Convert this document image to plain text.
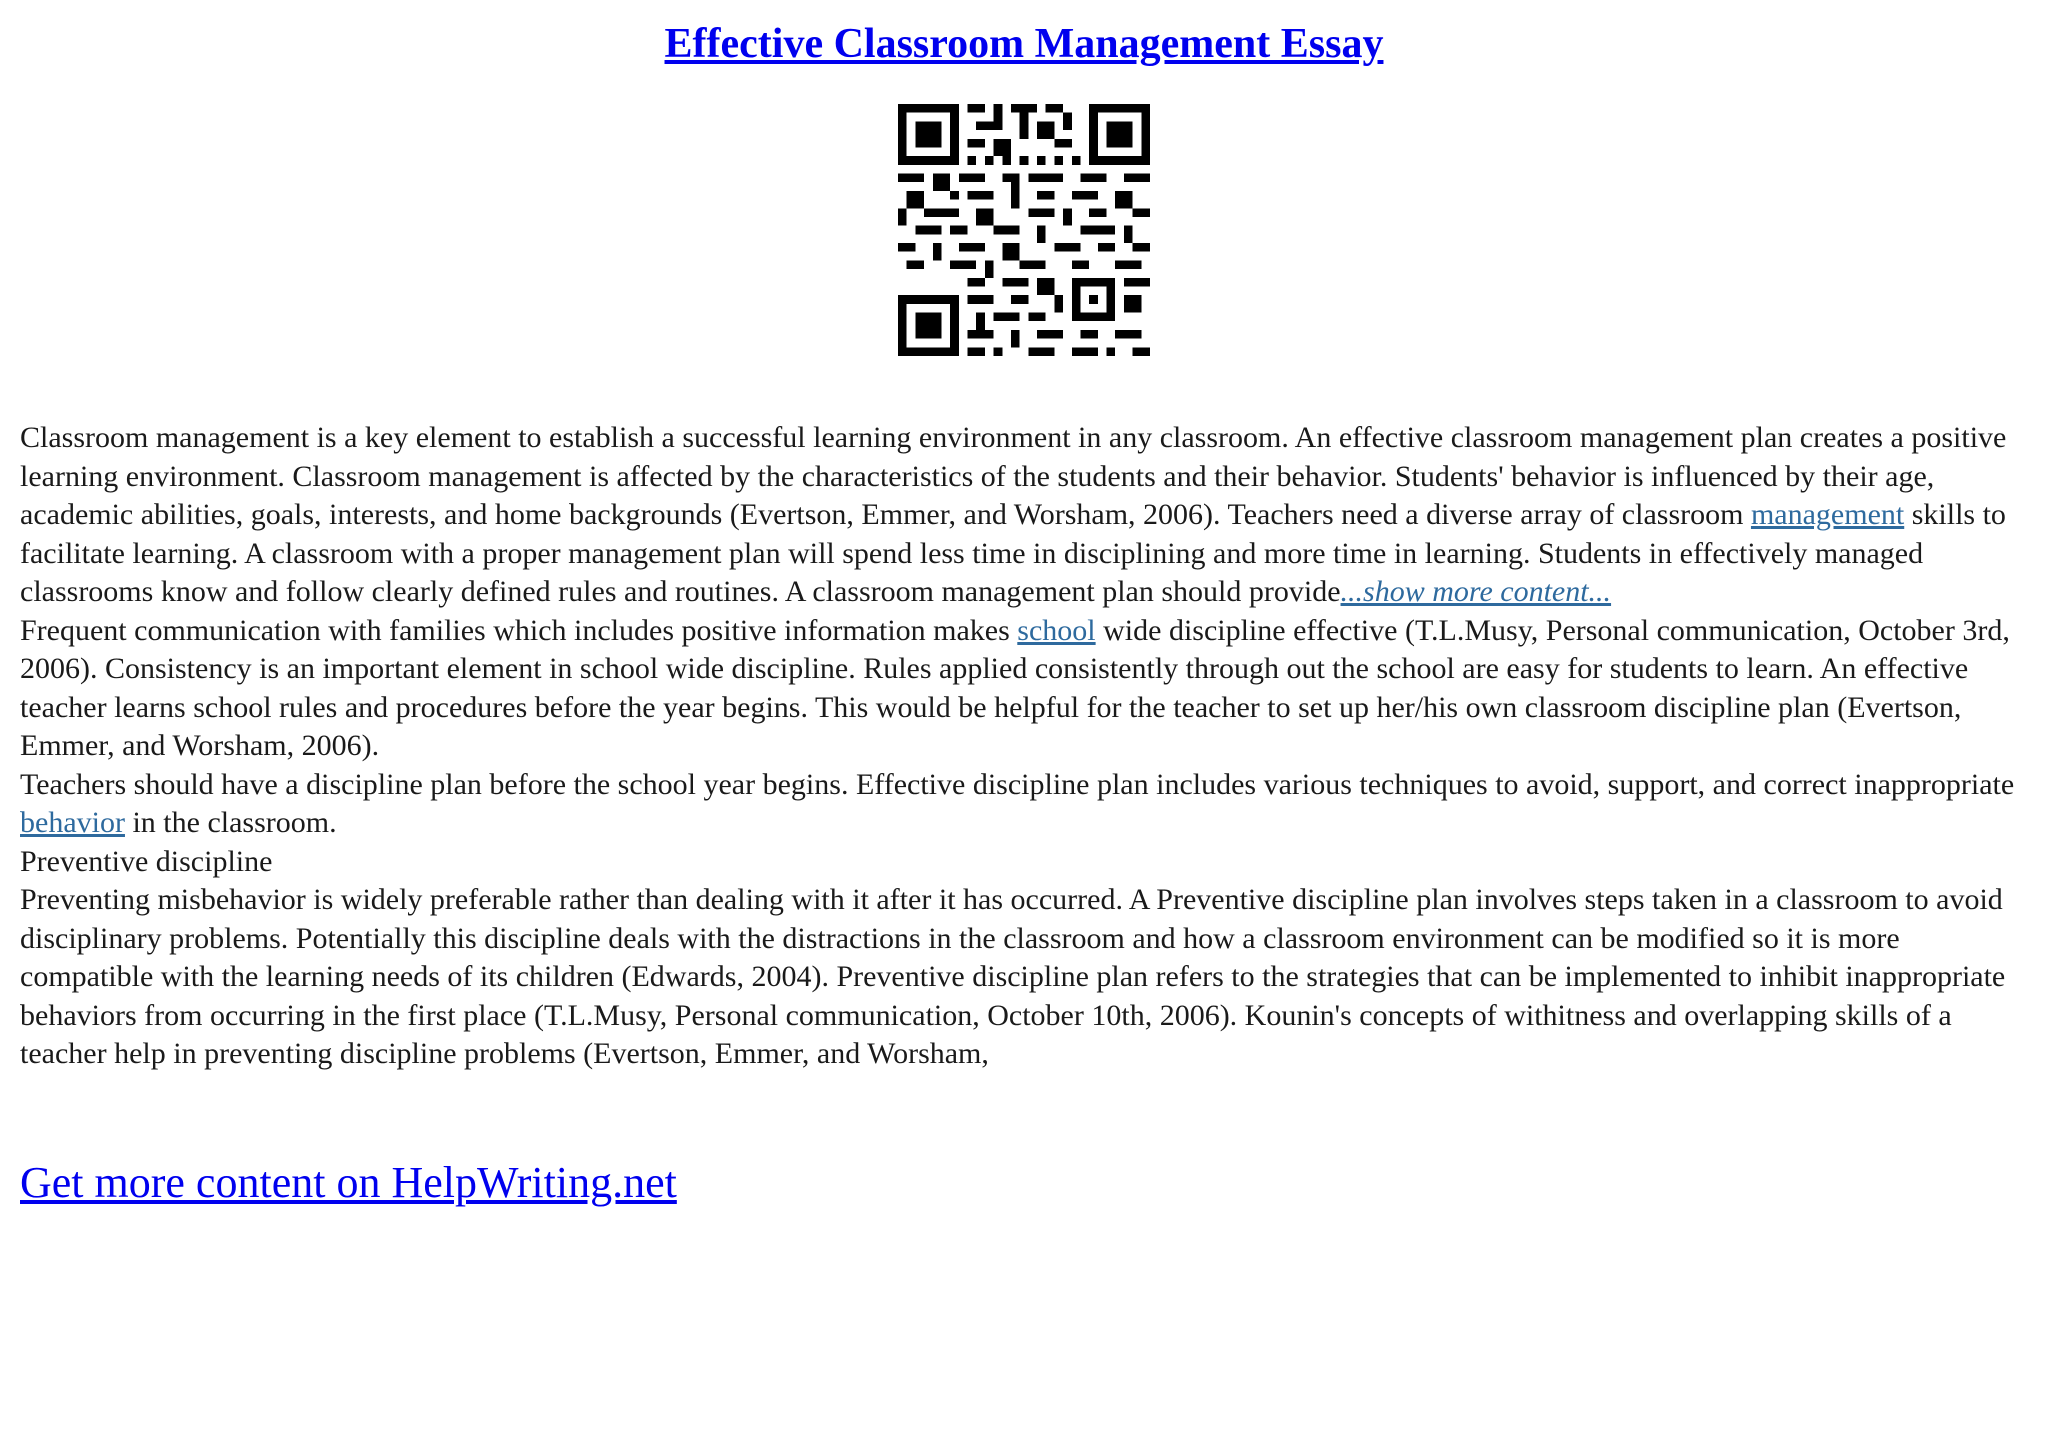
Effective Classroom Management Essay

Classroom management is a key element to establish a successful learning environment in any classroom. An effective classroom management plan creates a positive learning environment. Classroom management is affected by the characteristics of the students and their behavior. Students' behavior is influenced by their age, academic abilities, goals, interests, and home backgrounds (Evertson, Emmer, and Worsham, 2006). Teachers need a diverse array of classroom management skills to facilitate learning. A classroom with a proper management plan will spend less time in disciplining and more time in learning. Students in effectively managed classrooms know and follow clearly defined rules and routines. A classroom management plan should provide...show more content...

Frequent communication with families which includes positive information makes school wide discipline effective (T.L.Musy, Personal communication, October 3rd, 2006). Consistency is an important element in school wide discipline. Rules applied consistently through out the school are easy for students to learn. An effective teacher learns school rules and procedures before the year begins. This would be helpful for the teacher to set up her/his own classroom discipline plan (Evertson, Emmer, and Worsham, 2006).

Teachers should have a discipline plan before the school year begins. Effective discipline plan includes various techniques to avoid, support, and correct inappropriate behavior in the classroom.

Preventive discipline

Preventing misbehavior is widely preferable rather than dealing with it after it has occurred. A Preventive discipline plan involves steps taken in a classroom to avoid disciplinary problems. Potentially this discipline deals with the distractions in the classroom and how a classroom environment can be modified so it is more compatible with the learning needs of its children (Edwards, 2004). Preventive discipline plan refers to the strategies that can be implemented to inhibit inappropriate behaviors from occurring in the first place (T.L.Musy, Personal communication, October 10th, 2006). Kounin's concepts of withitness and overlapping skills of a teacher help in preventing discipline problems (Evertson, Emmer, and Worsham,

Get more content on HelpWriting.net
